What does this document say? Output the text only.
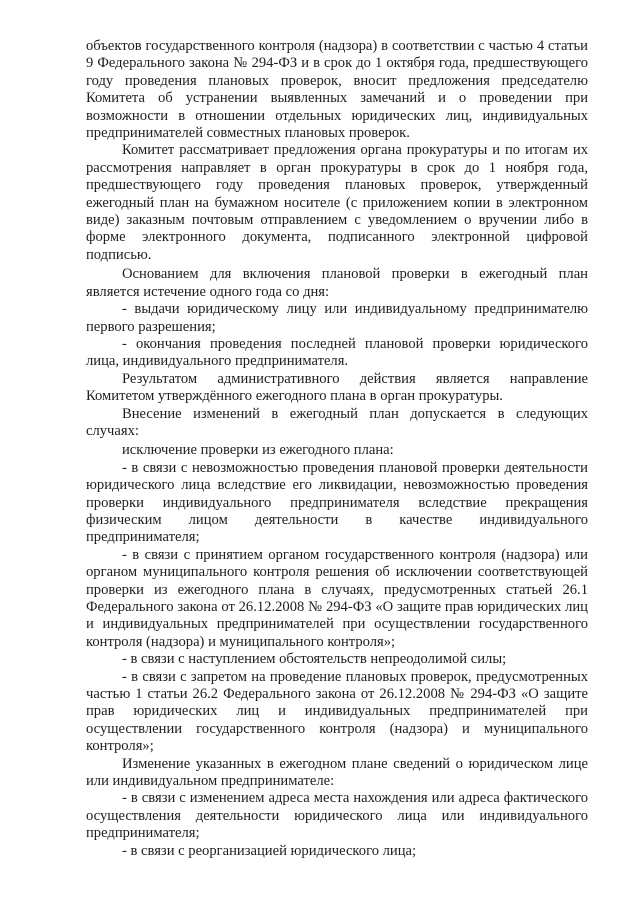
объектов государственного контроля (надзора) в соответствии с частью 4 статьи 9 Федерального закона № 294-ФЗ и в срок до 1 октября года, предшествующего году проведения плановых проверок, вносит предложения председателю Комитета об устранении выявленных замечаний и о проведении при возможности в отношении отдельных юридических лиц, индивидуальных предпринимателей совместных плановых проверок.

Комитет рассматривает предложения органа прокуратуры и по итогам их рассмотрения направляет в орган прокуратуры в срок до 1 ноября года, предшествующего году проведения плановых проверок, утвержденный ежегодный план на бумажном носителе (с приложением копии в электронном виде) заказным почтовым отправлением с уведомлением о вручении либо в форме электронного документа, подписанного электронной цифровой подписью.

Основанием для включения плановой проверки в ежегодный план является истечение одного года со дня:

- выдачи юридическому лицу или индивидуальному предпринимателю первого разрешения;

- окончания проведения последней плановой проверки юридического лица, индивидуального предпринимателя.

Результатом административного действия является направление Комитетом утверждённого ежегодного плана в орган прокуратуры.

Внесение изменений в ежегодный план допускается в следующих случаях:

исключение проверки из ежегодного плана:

- в связи с невозможностью проведения плановой проверки деятельности юридического лица вследствие его ликвидации, невозможностью проведения проверки индивидуального предпринимателя вследствие прекращения физическим лицом деятельности в качестве индивидуального предпринимателя;

- в связи с принятием органом государственного контроля (надзора) или органом муниципального контроля решения об исключении соответствующей проверки из ежегодного плана в случаях, предусмотренных статьей 26.1 Федерального закона от 26.12.2008 № 294-ФЗ «О защите прав юридических лиц и индивидуальных предпринимателей при осуществлении государственного контроля (надзора) и муниципального контроля»;

- в связи с наступлением обстоятельств непреодолимой силы;

- в связи с запретом на проведение плановых проверок, предусмотренных частью 1 статьи 26.2 Федерального закона от 26.12.2008 № 294-ФЗ «О защите прав юридических лиц и индивидуальных предпринимателей при осуществлении государственного контроля (надзора) и муниципального контроля»;

Изменение указанных в ежегодном плане сведений о юридическом лице или индивидуальном предпринимателе:

- в связи с изменением адреса места нахождения или адреса фактического осуществления деятельности юридического лица или индивидуального предпринимателя;

- в связи с реорганизацией юридического лица;
